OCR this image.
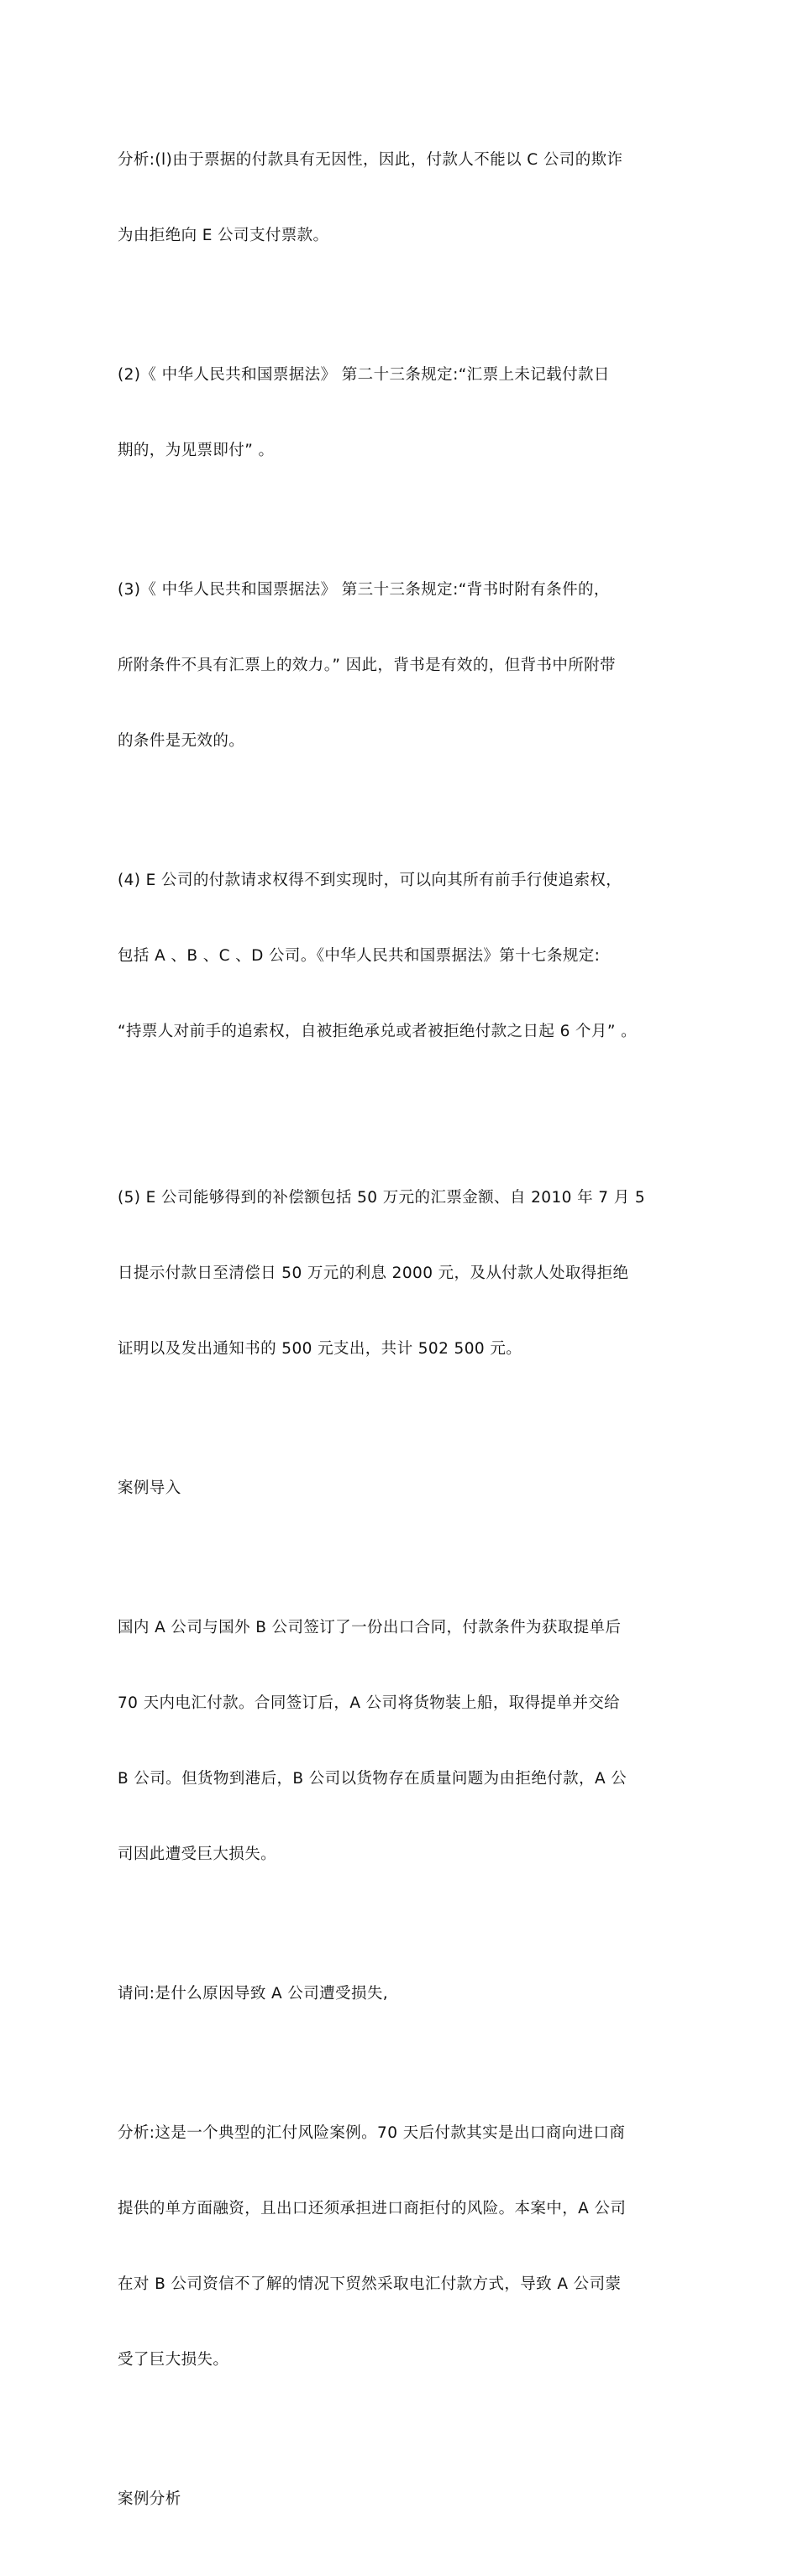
分析:(l)由于票据的付款具有无因性，因此，付款人不能以 C 公司的欺诈

为由拒绝向 E 公司支付票款。

(2)《 中华人民共和国票据法》 第二十三条规定:“汇票上未记载付款日

期的，为见票即付” 。

(3)《 中华人民共和国票据法》 第三十三条规定:“背书时附有条件的，

所附条件不具有汇票上的效力。” 因此，背书是有效的，但背书中所附带

的条件是无效的。

(4) E 公司的付款请求权得不到实现时，可以向其所有前手行使追索权，

包括 A 、B 、C 、D 公司。《中华人民共和国票据法》第十七条规定:

“持票人对前手的追索权，自被拒绝承兑或者被拒绝付款之日起 6 个月” 。

(5) E 公司能够得到的补偿额包括 50 万元的汇票金额、自 2010 年 7 月 5

日提示付款日至清偿日 50 万元的利息 2000 元，及从付款人处取得拒绝

证明以及发出通知书的 500 元支出，共计 502 500 元。

案例导入

国内 A 公司与国外 B 公司签订了一份出口合同，付款条件为获取提单后

70 天内电汇付款。合同签订后，A 公司将货物装上船，取得提单并交给

B 公司。但货物到港后，B 公司以货物存在质量问题为由拒绝付款，A 公

司因此遭受巨大损失。

请问:是什么原因导致 A 公司遭受损失,

分析:这是一个典型的汇付风险案例。70 天后付款其实是出口商向进口商

提供的单方面融资，且出口还须承担进口商拒付的风险。本案中，A 公司

在对 B 公司资信不了解的情况下贸然采取电汇付款方式，导致 A 公司蒙

受了巨大损失。

案例分析
